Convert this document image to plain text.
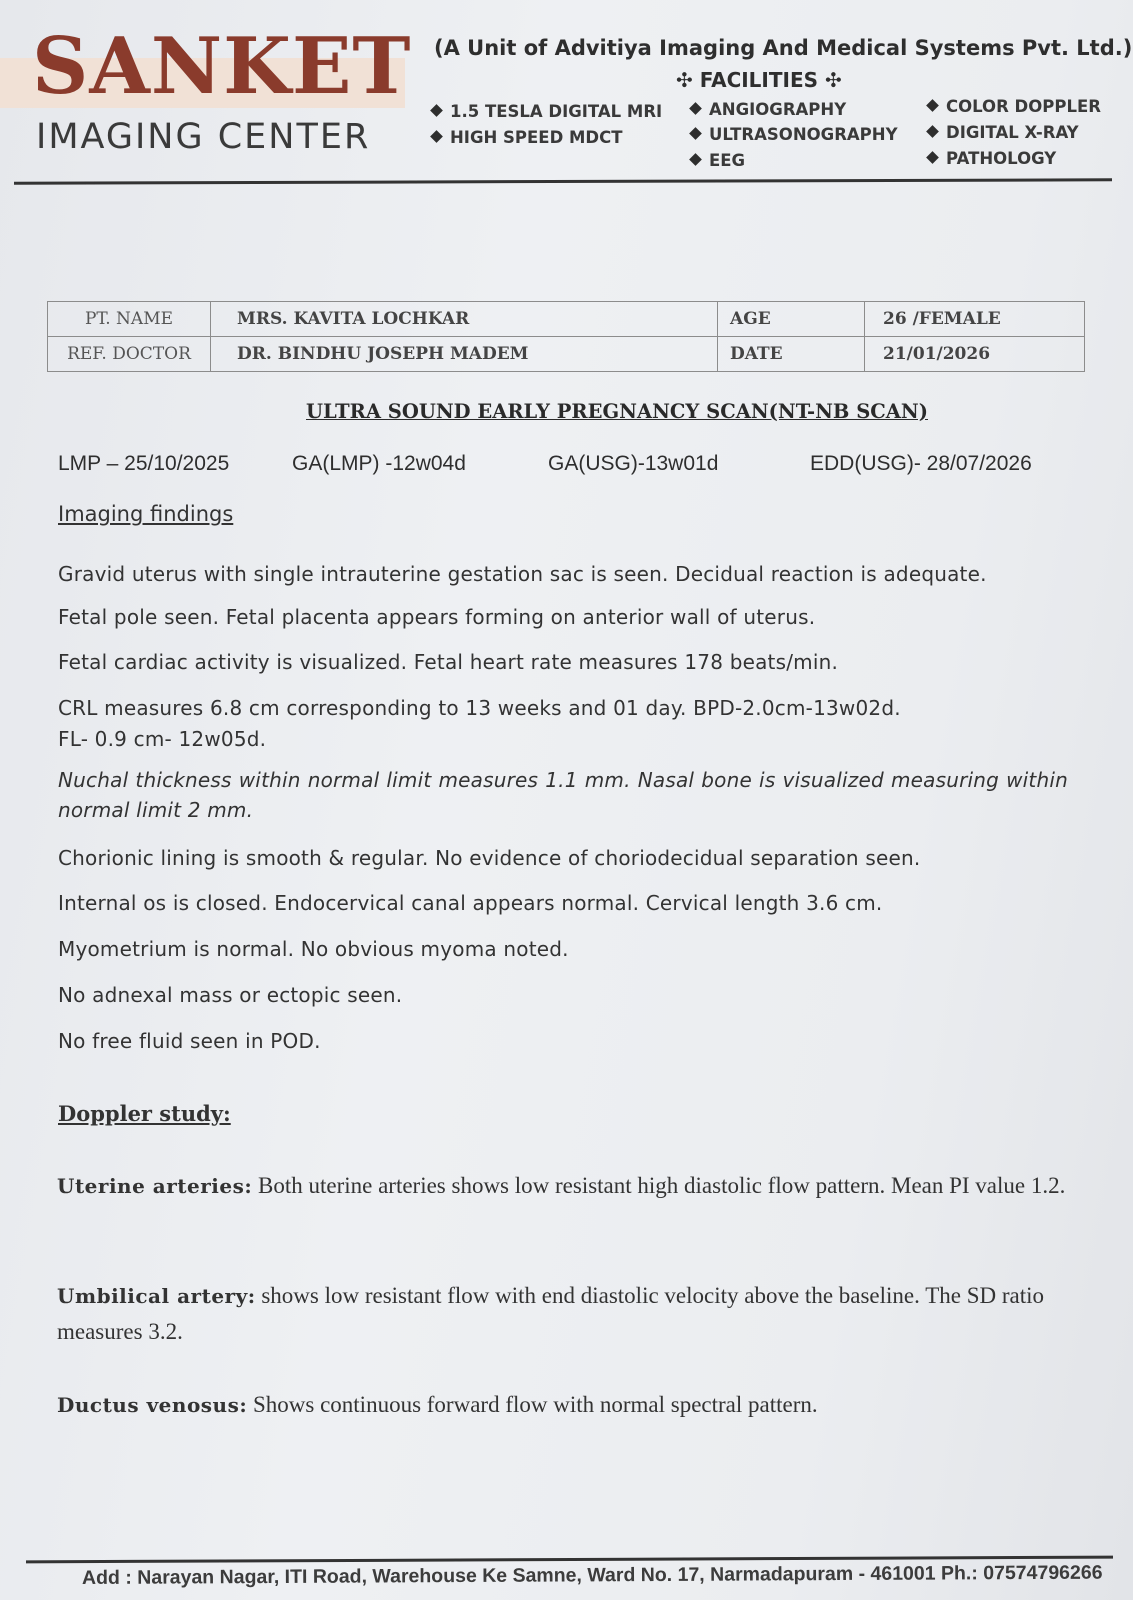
SANKET
IMAGING CENTER
(A Unit of Advitiya Imaging And Medical Systems Pvt. Ltd.)
✣ FACILITIES ✣
1.5 TESLA DIGITAL MRI
HIGH SPEED MDCT
ANGIOGRAPHY
ULTRASONOGRAPHY
EEG
COLOR DOPPLER
DIGITAL X-RAY
PATHOLOGY
PT. NAME	MRS. KAVITA LOCHKAR	AGE	26 /FEMALE
REF. DOCTOR	DR. BINDHU JOSEPH MADEM	DATE	21/01/2026
ULTRA SOUND EARLY PREGNANCY SCAN(NT-NB SCAN)
LMP – 25/10/2025	GA(LMP) -12w04d	GA(USG)-13w01d	EDD(USG)- 28/07/2026
Imaging findings
Gravid uterus with single intrauterine gestation sac is seen. Decidual reaction is adequate.
Fetal pole seen. Fetal placenta appears forming on anterior wall of uterus.
Fetal cardiac activity is visualized. Fetal heart rate measures 178 beats/min.
CRL measures 6.8 cm corresponding to 13 weeks and 01 day. BPD-2.0cm-13w02d.
FL- 0.9 cm- 12w05d.
Nuchal thickness within normal limit measures 1.1 mm. Nasal bone is visualized measuring within normal limit 2 mm.
Chorionic lining is smooth & regular. No evidence of choriodecidual separation seen.
Internal os is closed. Endocervical canal appears normal. Cervical length 3.6 cm.
Myometrium is normal. No obvious myoma noted.
No adnexal mass or ectopic seen.
No free fluid seen in POD.
Doppler study:
Uterine arteries: Both uterine arteries shows low resistant high diastolic flow pattern. Mean PI value 1.2.
Umbilical artery: shows low resistant flow with end diastolic velocity above the baseline. The SD ratio measures 3.2.
Ductus venosus: Shows continuous forward flow with normal spectral pattern.
Add : Narayan Nagar, ITI Road, Warehouse Ke Samne, Ward No. 17, Narmadapuram - 461001 Ph.: 07574796266
